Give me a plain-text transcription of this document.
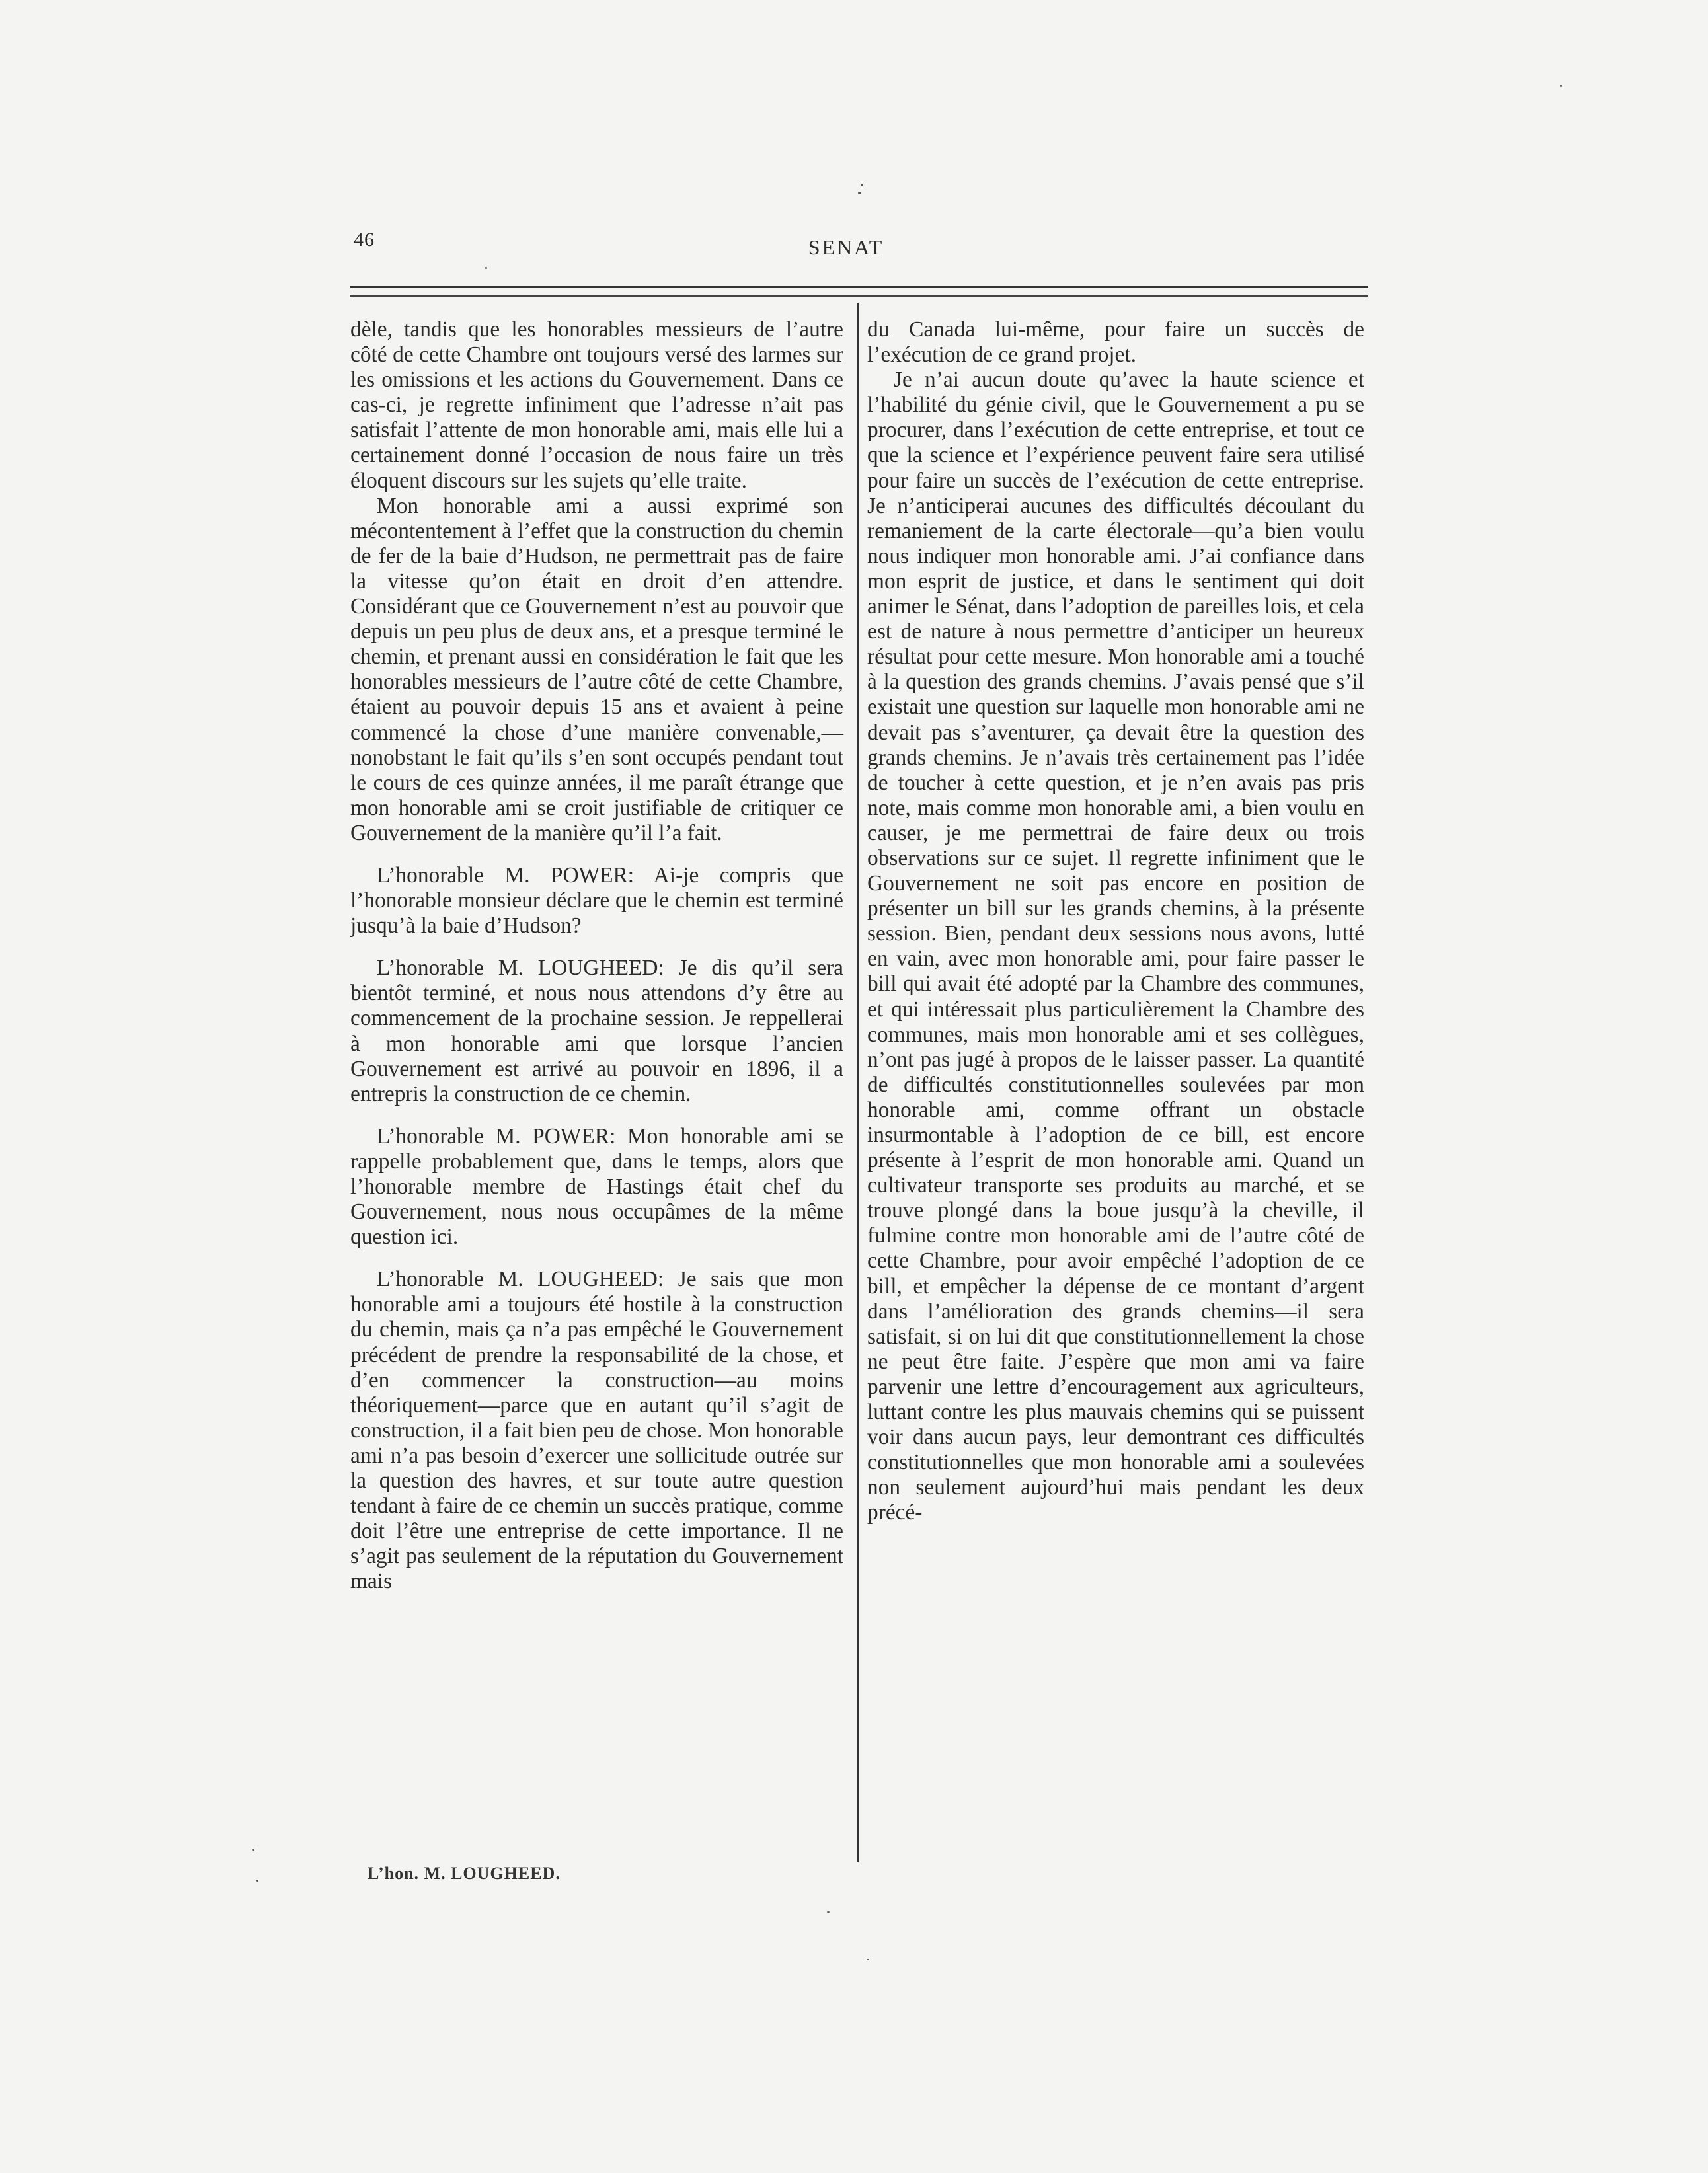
46	SENAT

dèle, tandis que les honorables messieurs de l’autre côté de cette Chambre ont toujours versé des larmes sur les omissions et les actions du Gouvernement. Dans ce cas-ci, je regrette infiniment que l’adresse n’ait pas satisfait l’attente de mon honorable ami, mais elle lui a certainement donné l’occasion de nous faire un très éloquent discours sur les sujets qu’elle traite.

Mon honorable ami a aussi exprimé son mécontentement à l’effet que la construction du chemin de fer de la baie d’Hudson, ne permettrait pas de faire la vitesse qu’on était en droit d’en attendre. Considérant que ce Gouvernement n’est au pouvoir que depuis un peu plus de deux ans, et a presque terminé le chemin, et prenant aussi en considération le fait que les honorables messieurs de l’autre côté de cette Chambre, étaient au pouvoir depuis 15 ans et avaient à peine commencé la chose d’une manière convenable,—nonobstant le fait qu’ils s’en sont occupés pendant tout le cours de ces quinze années, il me paraît étrange que mon honorable ami se croit justifiable de critiquer ce Gouvernement de la manière qu’il l’a fait.

L’honorable M. POWER: Ai-je compris que l’honorable monsieur déclare que le chemin est terminé jusqu’à la baie d’Hudson?

L’honorable M. LOUGHEED: Je dis qu’il sera bientôt terminé, et nous nous attendons d’y être au commencement de la prochaine session. Je reppellerai à mon honorable ami que lorsque l’ancien Gouvernement est arrivé au pouvoir en 1896, il a entrepris la construction de ce chemin.

L’honorable M. POWER: Mon honorable ami se rappelle probablement que, dans le temps, alors que l’honorable membre de Hastings était chef du Gouvernement, nous nous occupâmes de la même question ici.

L’honorable M. LOUGHEED: Je sais que mon honorable ami a toujours été hostile à la construction du chemin, mais ça n’a pas empêché le Gouvernement précédent de prendre la responsabilité de la chose, et d’en commencer la construction—au moins théoriquement—parce que en autant qu’il s’agit de construction, il a fait bien peu de chose. Mon honorable ami n’a pas besoin d’exercer une sollicitude outrée sur la question des havres, et sur toute autre question tendant à faire de ce chemin un succès pratique, comme doit l’être une entreprise de cette importance. Il ne s’agit pas seulement de la réputation du Gouvernement mais

du Canada lui-même, pour faire un succès de l’exécution de ce grand projet.

Je n’ai aucun doute qu’avec la haute science et l’habilité du génie civil, que le Gouvernement a pu se procurer, dans l’exécution de cette entreprise, et tout ce que la science et l’expérience peuvent faire sera utilisé pour faire un succès de l’exécution de cette entreprise. Je n’anticiperai aucunes des difficultés découlant du remaniement de la carte électorale—qu’a bien voulu nous indiquer mon honorable ami. J’ai confiance dans mon esprit de justice, et dans le sentiment qui doit animer le Sénat, dans l’adoption de pareilles lois, et cela est de nature à nous permettre d’anticiper un heureux résultat pour cette mesure. Mon honorable ami a touché à la question des grands chemins. J’avais pensé que s’il existait une question sur laquelle mon honorable ami ne devait pas s’aventurer, ça devait être la question des grands chemins. Je n’avais très certainement pas l’idée de toucher à cette question, et je n’en avais pas pris note, mais comme mon honorable ami, a bien voulu en causer, je me permettrai de faire deux ou trois observations sur ce sujet. Il regrette infiniment que le Gouvernement ne soit pas encore en position de présenter un bill sur les grands chemins, à la présente session. Bien, pendant deux sessions nous avons, lutté en vain, avec mon honorable ami, pour faire passer le bill qui avait été adopté par la Chambre des communes, et qui intéressait plus particulièrement la Chambre des communes, mais mon honorable ami et ses collègues, n’ont pas jugé à propos de le laisser passer. La quantité de difficultés constitutionnelles soulevées par mon honorable ami, comme offrant un obstacle insurmontable à l’adoption de ce bill, est encore présente à l’esprit de mon honorable ami. Quand un cultivateur transporte ses produits au marché, et se trouve plongé dans la boue jusqu’à la cheville, il fulmine contre mon honorable ami de l’autre côté de cette Chambre, pour avoir empêché l’adoption de ce bill, et empêcher la dépense de ce montant d’argent dans l’amélioration des grands chemins—il sera satisfait, si on lui dit que constitutionnellement la chose ne peut être faite. J’espère que mon ami va faire parvenir une lettre d’encouragement aux agriculteurs, luttant contre les plus mauvais chemins qui se puissent voir dans aucun pays, leur demontrant ces difficultés constitutionnelles que mon honorable ami a soulevées non seulement aujourd’hui mais pendant les deux précé-

L’hon. M. LOUGHEED.
